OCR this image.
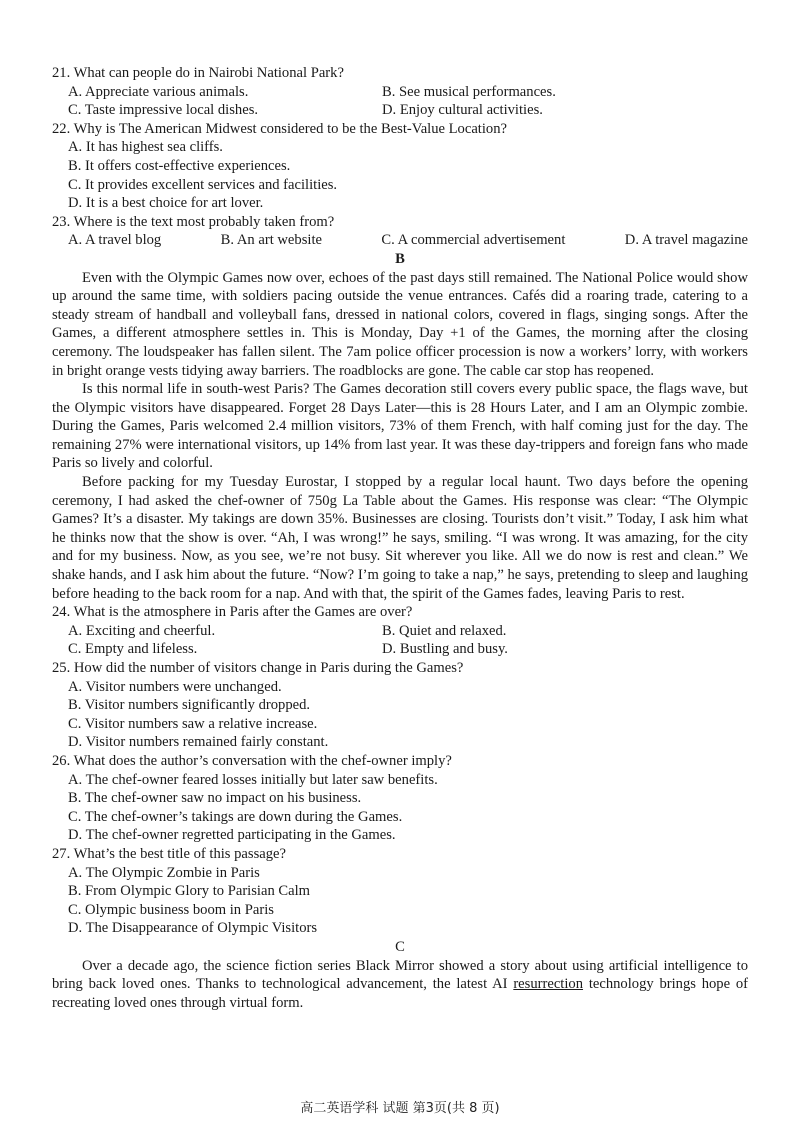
21. What can people do in Nairobi National Park?

A. Appreciate various animals.	B. See musical performances.
C. Taste impressive local dishes.	D. Enjoy cultural activities.

22. Why is The American Midwest considered to be the Best-Value Location?

A. It has highest sea cliffs.
B. It offers cost-effective experiences.
C. It provides excellent services and facilities.
D. It is a best choice for art lover.

23. Where is the text most probably taken from?

A. A travel blog	B. An art website	C. A commercial advertisement	D. A travel magazine

B

Even with the Olympic Games now over, echoes of the past days still remained. The National Police would show up around the same time, with soldiers pacing outside the venue entrances. Cafés did a roaring trade, catering to a steady stream of handball and volleyball fans, dressed in national colors, covered in flags, singing songs. After the Games, a different atmosphere settles in. This is Monday, Day +1 of the Games, the morning after the closing ceremony. The loudspeaker has fallen silent. The 7am police officer procession is now a workers’ lorry, with workers in bright orange vests tidying away barriers. The roadblocks are gone. The cable car stop has reopened.

Is this normal life in south-west Paris? The Games decoration still covers every public space, the flags wave, but the Olympic visitors have disappeared. Forget 28 Days Later—this is 28 Hours Later, and I am an Olympic zombie. During the Games, Paris welcomed 2.4 million visitors, 73% of them French, with half coming just for the day. The remaining 27% were international visitors, up 14% from last year. It was these day-trippers and foreign fans who made Paris so lively and colorful.

Before packing for my Tuesday Eurostar, I stopped by a regular local haunt. Two days before the opening ceremony, I had asked the chef-owner of 750g La Table about the Games. His response was clear: “The Olympic Games? It’s a disaster. My takings are down 35%. Businesses are closing. Tourists don’t visit.” Today, I ask him what he thinks now that the show is over. “Ah, I was wrong!” he says, smiling. “I was wrong. It was amazing, for the city and for my business. Now, as you see, we’re not busy. Sit wherever you like. All we do now is rest and clean.” We shake hands, and I ask him about the future. “Now? I’m going to take a nap,” he says, pretending to sleep and laughing before heading to the back room for a nap. And with that, the spirit of the Games fades, leaving Paris to rest.

24. What is the atmosphere in Paris after the Games are over?

A. Exciting and cheerful.	B. Quiet and relaxed.
C. Empty and lifeless.	D. Bustling and busy.

25. How did the number of visitors change in Paris during the Games?

A. Visitor numbers were unchanged.
B. Visitor numbers significantly dropped.
C. Visitor numbers saw a relative increase.
D. Visitor numbers remained fairly constant.

26. What does the author’s conversation with the chef-owner imply?

A. The chef-owner feared losses initially but later saw benefits.
B. The chef-owner saw no impact on his business.
C. The chef-owner’s takings are down during the Games.
D. The chef-owner regretted participating in the Games.

27. What’s the best title of this passage?

A. The Olympic Zombie in Paris
B. From Olympic Glory to Parisian Calm
C. Olympic business boom in Paris
D. The Disappearance of Olympic Visitors

C

Over a decade ago, the science fiction series Black Mirror showed a story about using artificial intelligence to bring back loved ones. Thanks to technological advancement, the latest AI resurrection technology brings hope of recreating loved ones through virtual form.

高二英语学科 试题 第3页(共 8 页)
